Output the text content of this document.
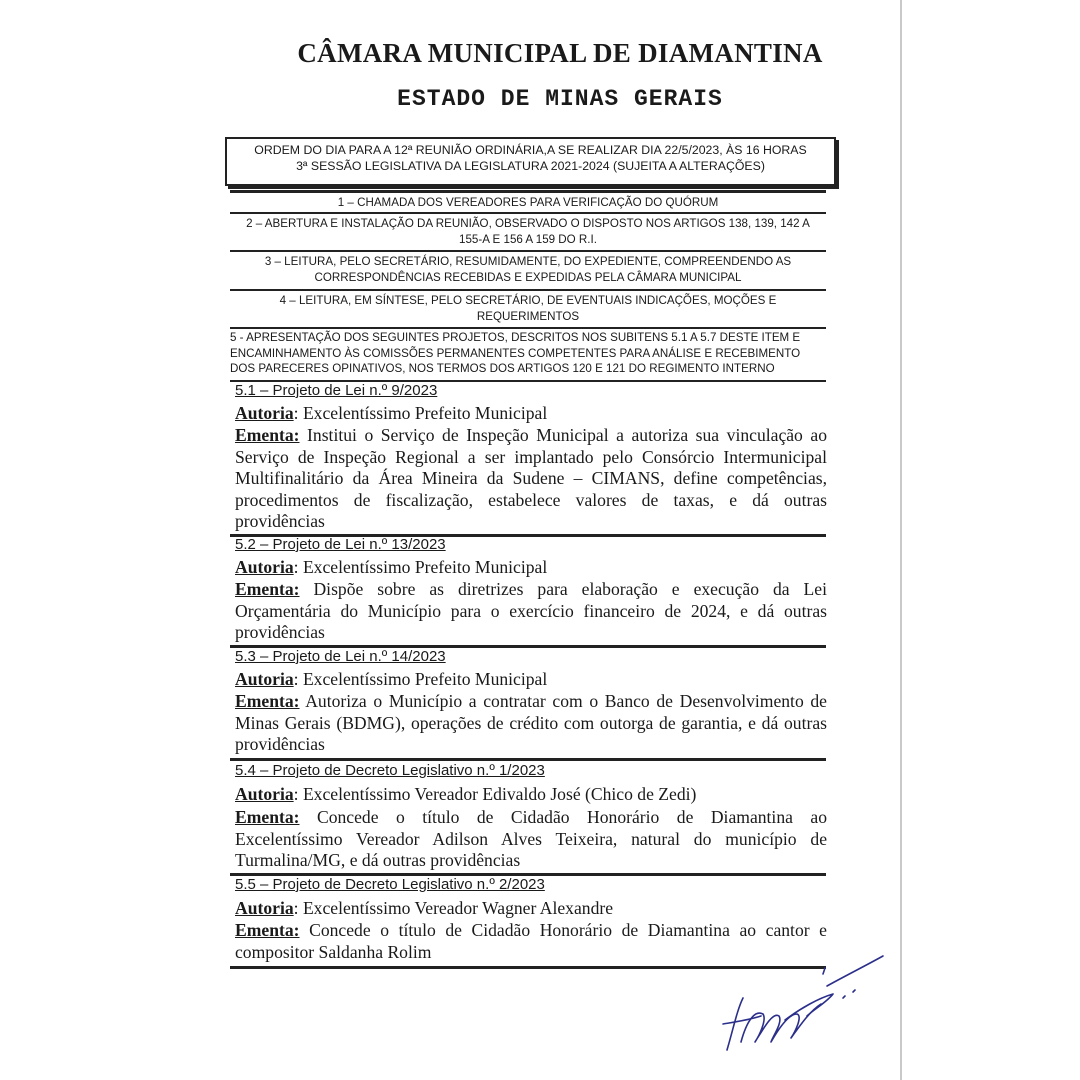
CÂMARA MUNICIPAL DE DIAMANTINA
ESTADO DE MINAS GERAIS
ORDEM DO DIA PARA A 12ª REUNIÃO ORDINÁRIA,A SE REALIZAR DIA 22/5/2023, ÀS 16 HORAS
3ª SESSÃO LEGISLATIVA DA LEGISLATURA 2021-2024 (SUJEITA A ALTERAÇÕES)
1 – CHAMADA DOS VEREADORES PARA VERIFICAÇÃO DO QUÓRUM
2 – ABERTURA E INSTALAÇÃO DA REUNIÃO, OBSERVADO O DISPOSTO NOS ARTIGOS 138, 139, 142 A
155-A E 156 A 159 DO R.I.
3 – LEITURA, PELO SECRETÁRIO, RESUMIDAMENTE, DO EXPEDIENTE, COMPREENDENDO AS
CORRESPONDÊNCIAS RECEBIDAS E EXPEDIDAS PELA CÂMARA MUNICIPAL
4 – LEITURA, EM SÍNTESE, PELO SECRETÁRIO, DE EVENTUAIS INDICAÇÕES, MOÇÕES E
REQUERIMENTOS
5 - APRESENTAÇÃO DOS SEGUINTES PROJETOS, DESCRITOS NOS SUBITENS 5.1 A 5.7 DESTE ITEM E
ENCAMINHAMENTO ÀS COMISSÕES PERMANENTES COMPETENTES PARA ANÁLISE E RECEBIMENTO
DOS PARECERES OPINATIVOS, NOS TERMOS DOS ARTIGOS 120 E 121 DO REGIMENTO INTERNO
5.1 – Projeto de Lei n.º 9/2023
Autoria: Excelentíssimo Prefeito Municipal
Ementa: Institui o Serviço de Inspeção Municipal a autoriza sua vinculação ao
Serviço de Inspeção Regional a ser implantado pelo Consórcio Intermunicipal
Multifinalitário da Área Mineira da Sudene – CIMANS, define competências,
procedimentos de fiscalização, estabelece valores de taxas, e dá outras
providências
5.2 – Projeto de Lei n.º 13/2023
Autoria: Excelentíssimo Prefeito Municipal
Ementa: Dispõe sobre as diretrizes para elaboração e execução da Lei
Orçamentária do Município para o exercício financeiro de 2024, e dá outras
providências
5.3 – Projeto de Lei n.º 14/2023
Autoria: Excelentíssimo Prefeito Municipal
Ementa: Autoriza o Município a contratar com o Banco de Desenvolvimento de
Minas Gerais (BDMG), operações de crédito com outorga de garantia, e dá outras
providências
5.4 – Projeto de Decreto Legislativo n.º 1/2023
Autoria: Excelentíssimo Vereador Edivaldo José (Chico de Zedi)
Ementa: Concede o título de Cidadão Honorário de Diamantina ao
Excelentíssimo Vereador Adilson Alves Teixeira, natural do município de
Turmalina/MG, e dá outras providências
5.5 – Projeto de Decreto Legislativo n.º 2/2023
Autoria: Excelentíssimo Vereador Wagner Alexandre
Ementa: Concede o título de Cidadão Honorário de Diamantina ao cantor e
compositor Saldanha Rolim
